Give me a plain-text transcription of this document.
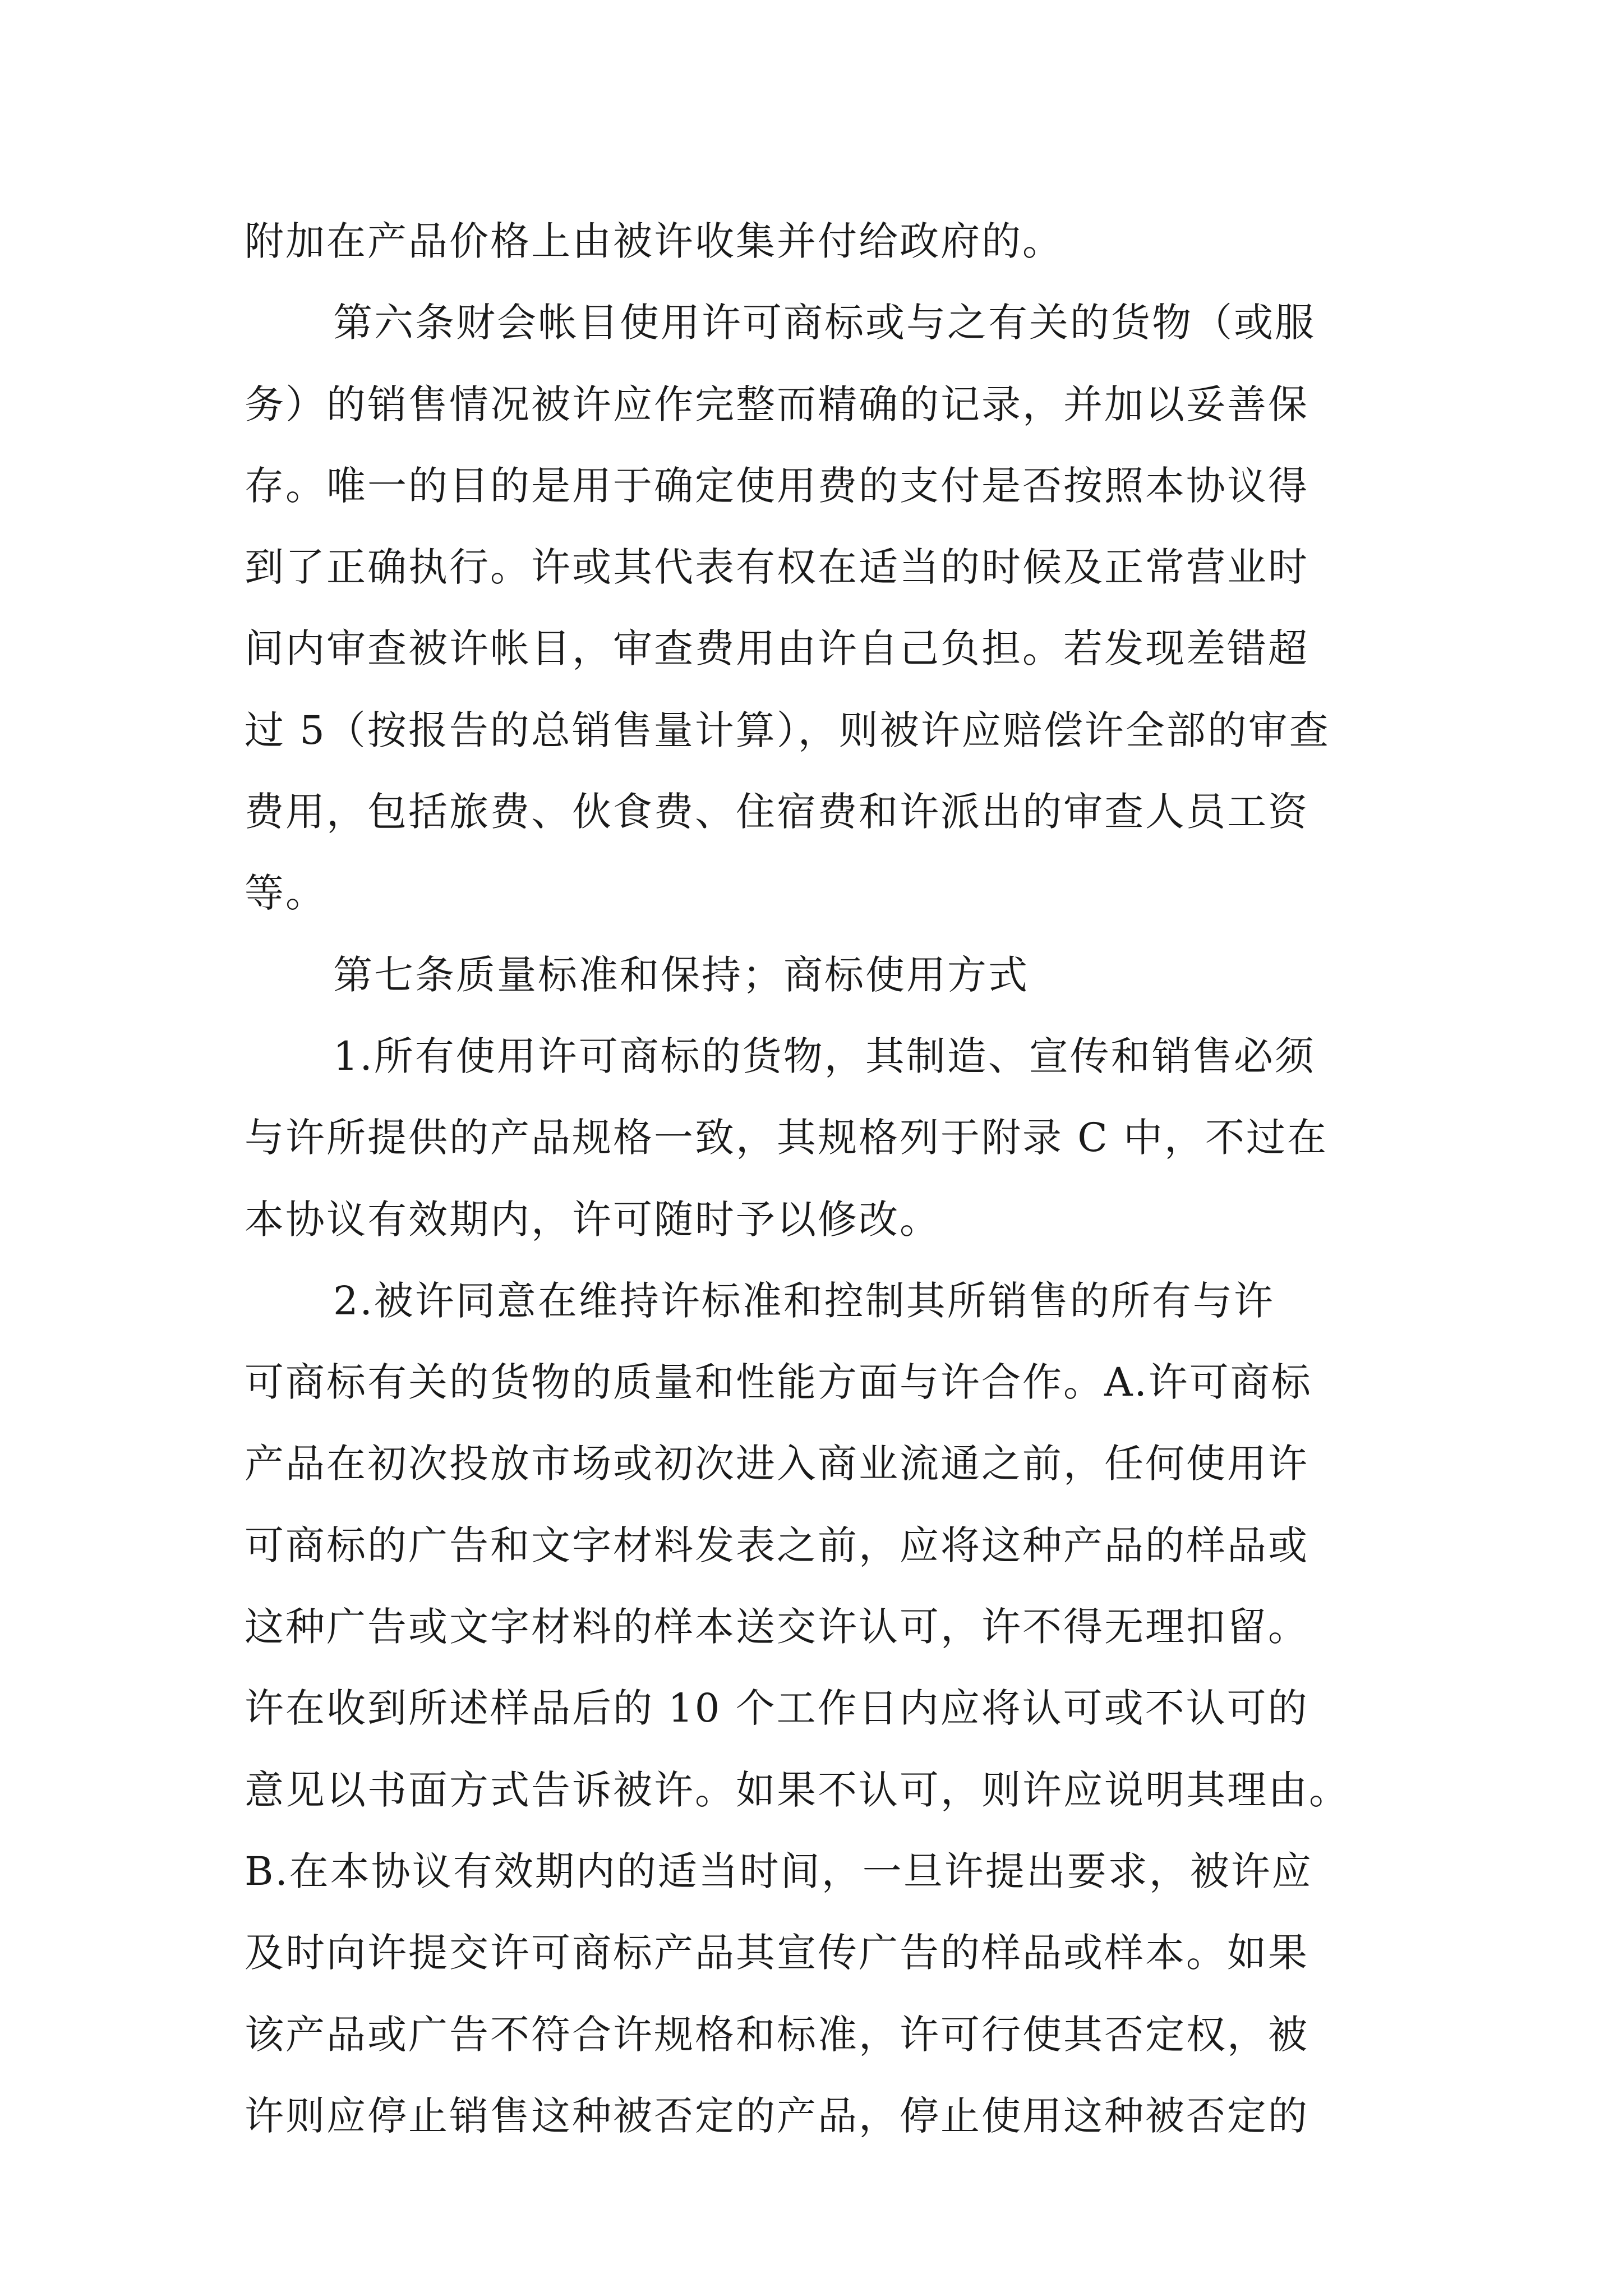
附加在产品价格上由被许收集并付给政府的。
第六条财会帐目使用许可商标或与之有关的货物（或服
务）的销售情况被许应作完整而精确的记录，并加以妥善保
存。唯一的目的是用于确定使用费的支付是否按照本协议得
到了正确执行。许或其代表有权在适当的时候及正常营业时
间内审查被许帐目，审查费用由许自己负担。若发现差错超
过 5（按报告的总销售量计算），则被许应赔偿许全部的审查
费用，包括旅费、伙食费、住宿费和许派出的审查人员工资
等。
第七条质量标准和保持；商标使用方式
1.所有使用许可商标的货物，其制造、宣传和销售必须
与许所提供的产品规格一致，其规格列于附录 C 中，不过在
本协议有效期内，许可随时予以修改。
2.被许同意在维持许标准和控制其所销售的所有与许
可商标有关的货物的质量和性能方面与许合作。A.许可商标
产品在初次投放市场或初次进入商业流通之前，任何使用许
可商标的广告和文字材料发表之前，应将这种产品的样品或
这种广告或文字材料的样本送交许认可，许不得无理扣留。
许在收到所述样品后的 10 个工作日内应将认可或不认可的
意见以书面方式告诉被许。如果不认可，则许应说明其理由。
B.在本协议有效期内的适当时间，一旦许提出要求，被许应
及时向许提交许可商标产品其宣传广告的样品或样本。如果
该产品或广告不符合许规格和标准，许可行使其否定权，被
许则应停止销售这种被否定的产品，停止使用这种被否定的
